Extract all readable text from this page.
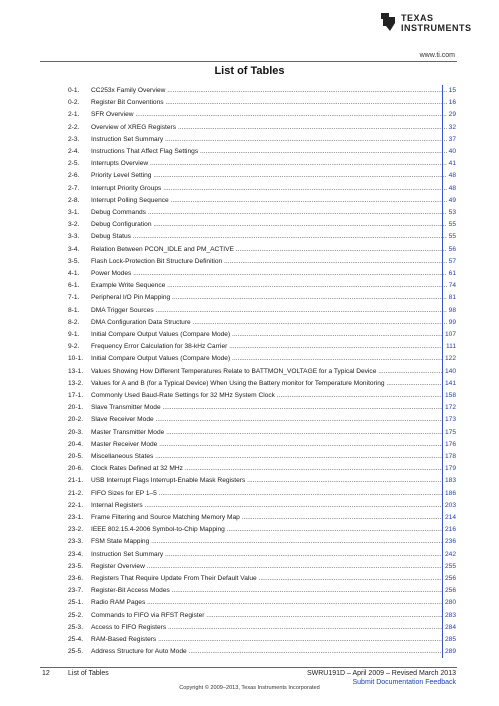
TEXAS
INSTRUMENTS
www.ti.com
List of Tables
0-1. CC253x Family Overview .....	15
0-2. Register Bit Conventions .....	16
2-1. SFR Overview .....	29
2-2. Overview of XREG Registers .....	32
2-3. Instruction Set Summary .....	37
2-4. Instructions That Affect Flag Settings .....	40
2-5. Interrupts Overview .....	41
2-6. Priority Level Setting .....	48
2-7. Interrupt Priority Groups .....	48
2-8. Interrupt Polling Sequence .....	49
3-1. Debug Commands .....	53
3-2. Debug Configuration .....	55
3-3. Debug Status .....	55
3-4. Relation Between PCON_IDLE and PM_ACTIVE .....	56
3-5. Flash Lock-Protection Bit Structure Definition .....	57
4-1. Power Modes .....	61
6-1. Example Write Sequence .....	74
7-1. Peripheral I/O Pin Mapping .....	81
8-1. DMA Trigger Sources .....	98
8-2. DMA Configuration Data Structure .....	99
9-1. Initial Compare Output Values (Compare Mode) .....	107
9-2. Frequency Error Calculation for 38-kHz Carrier .....	111
10-1. Initial Compare Output Values (Compare Mode) .....	122
13-1. Values Showing How Different Temperatures Relate to BATTMON_VOLTAGE for a Typical Device .....	140
13-2. Values for A and B (for a Typical Device) When Using the Battery monitor for Temperature Monitoring .....	141
17-1. Commonly Used Baud-Rate Settings for 32 MHz System Clock .....	158
20-1. Slave Transmitter Mode .....	172
20-2. Slave Receiver Mode .....	173
20-3. Master Transmitter Mode .....	175
20-4. Master Receiver Mode .....	176
20-5. Miscellaneous States .....	178
20-6. Clock Rates Defined at 32 MHz .....	179
21-1. USB Interrupt Flags Interrupt-Enable Mask Registers .....	183
21-2. FIFO Sizes for EP 1–5 .....	186
22-1. Internal Registers .....	203
23-1. Frame Filtering and Source Matching Memory Map .....	214
23-2. IEEE 802.15.4-2006 Symbol-to-Chip Mapping .....	216
23-3. FSM State Mapping .....	236
23-4. Instruction Set Summary .....	242
23-5. Register Overview .....	255
23-6. Registers That Require Update From Their Default Value .....	256
23-7. Register-Bit Access Modes .....	256
25-1. Radio RAM Pages .....	280
25-2. Commands to FIFO via RFST Register .....	283
25-3. Access to FIFO Registers .....	284
25-4. RAM-Based Registers .....	285
25-5. Address Structure for Auto Mode .....	289
12	List of Tables	SWRU191D – April 2009 – Revised March 2013
Submit Documentation Feedback
Copyright © 2009–2013, Texas Instruments Incorporated
